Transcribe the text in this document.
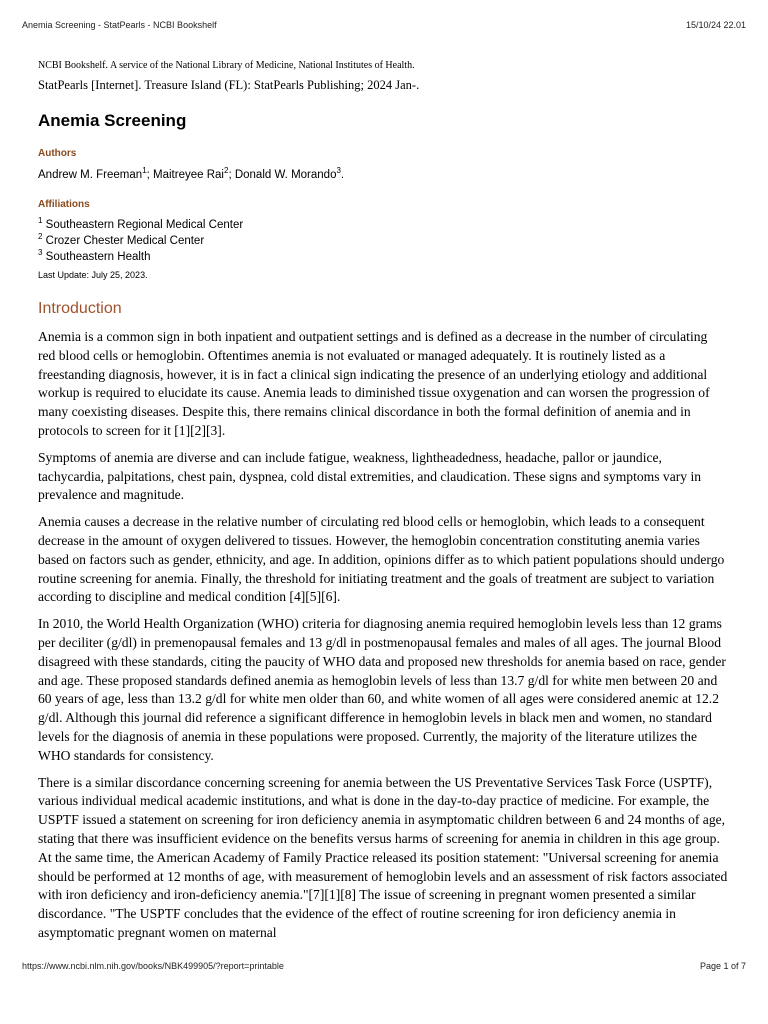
Anemia Screening - StatPearls - NCBI Bookshelf	15/10/24 22.01
NCBI Bookshelf. A service of the National Library of Medicine, National Institutes of Health.
StatPearls [Internet]. Treasure Island (FL): StatPearls Publishing; 2024 Jan-.
Anemia Screening
Authors
Andrew M. Freeman$^1$; Maitreyee Rai$^2$; Donald W. Morando$^3$.
Affiliations
$^1$ Southeastern Regional Medical Center
$^2$ Crozer Chester Medical Center
$^3$ Southeastern Health
Last Update: July 25, 2023.
Introduction

Anemia is a common sign in both inpatient and outpatient settings and is defined as a decrease in the number of circulating red blood cells or hemoglobin. Oftentimes anemia is not evaluated or managed adequately. It is routinely listed as a freestanding diagnosis, however, it is in fact a clinical sign indicating the presence of an underlying etiology and additional workup is required to elucidate its cause. Anemia leads to diminished tissue oxygenation and can worsen the progression of many coexisting diseases. Despite this, there remains clinical discordance in both the formal definition of anemia and in protocols to screen for it [1][2][3].

Symptoms of anemia are diverse and can include fatigue, weakness, lightheadedness, headache, pallor or jaundice, tachycardia, palpitations, chest pain, dyspnea, cold distal extremities, and claudication. These signs and symptoms vary in prevalence and magnitude.

Anemia causes a decrease in the relative number of circulating red blood cells or hemoglobin, which leads to a consequent decrease in the amount of oxygen delivered to tissues. However, the hemoglobin concentration constituting anemia varies based on factors such as gender, ethnicity, and age. In addition, opinions differ as to which patient populations should undergo routine screening for anemia. Finally, the threshold for initiating treatment and the goals of treatment are subject to variation according to discipline and medical condition [4][5][6].

In 2010, the World Health Organization (WHO) criteria for diagnosing anemia required hemoglobin levels less than 12 grams per deciliter (g/dl) in premenopausal females and 13 g/dl in postmenopausal females and males of all ages. The journal Blood disagreed with these standards, citing the paucity of WHO data and proposed new thresholds for anemia based on race, gender and age. These proposed standards defined anemia as hemoglobin levels of less than 13.7 g/dl for white men between 20 and 60 years of age, less than 13.2 g/dl for white men older than 60, and white women of all ages were considered anemic at 12.2 g/dl. Although this journal did reference a significant difference in hemoglobin levels in black men and women, no standard levels for the diagnosis of anemia in these populations were proposed. Currently, the majority of the literature utilizes the WHO standards for consistency.

There is a similar discordance concerning screening for anemia between the US Preventative Services Task Force (USPTF), various individual medical academic institutions, and what is done in the day-to-day practice of medicine. For example, the USPTF issued a statement on screening for iron deficiency anemia in asymptomatic children between 6 and 24 months of age, stating that there was insufficient evidence on the benefits versus harms of screening for anemia in children in this age group. At the same time, the American Academy of Family Practice released its position statement: "Universal screening for anemia should be performed at 12 months of age, with measurement of hemoglobin levels and an assessment of risk factors associated with iron deficiency and iron-deficiency anemia."[7][1][8] The issue of screening in pregnant women presented a similar discordance. "The USPTF concludes that the evidence of the effect of routine screening for iron deficiency anemia in asymptomatic pregnant women on maternal

https://www.ncbi.nlm.nih.gov/books/NBK499905/?report=printable	Page 1 of 7
